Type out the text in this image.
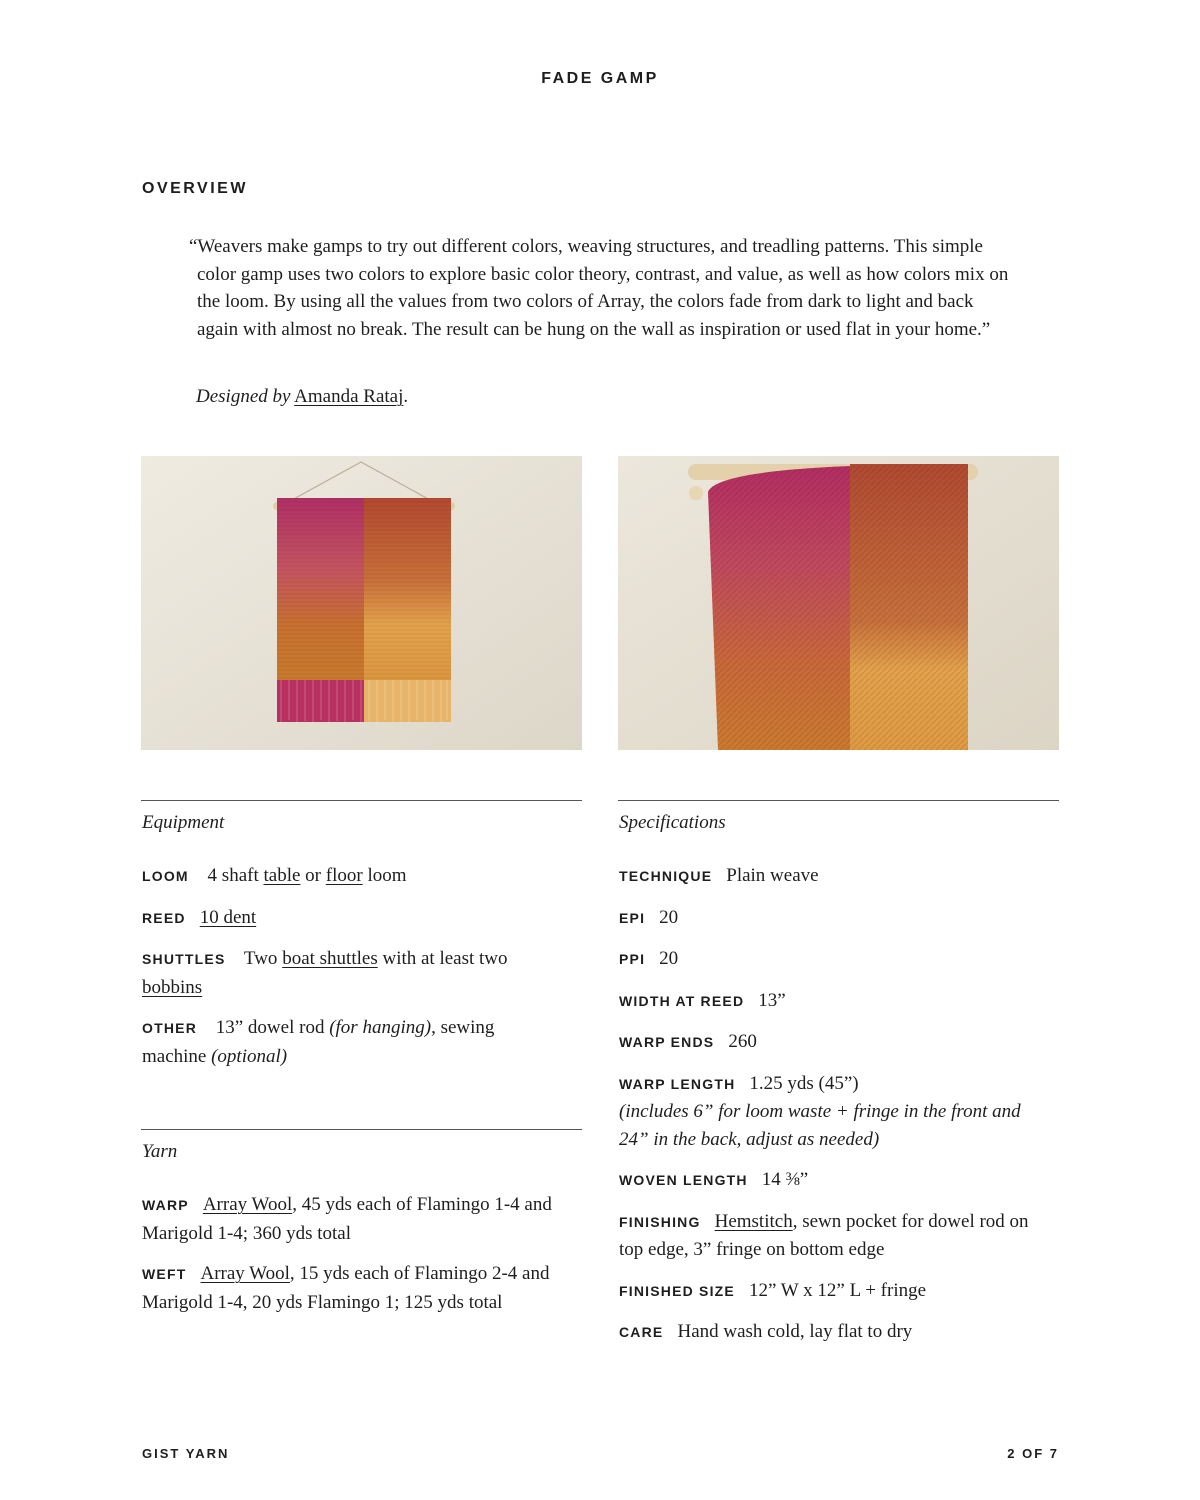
FADE GAMP
OVERVIEW

“Weavers make gamps to try out different colors, weaving structures, and treadling patterns. This simple color gamp uses two colors to explore basic color theory, contrast, and value, as well as how colors mix on the loom. By using all the values from two colors of Array, the colors fade from dark to light and back again with almost no break. The result can be hung on the wall as inspiration or used flat in your home.”

Designed by Amanda Rataj.
Equipment
LOOM 4 shaft table or floor loom
REED 10 dent
SHUTTLES Two boat shuttles with at least two bobbins
OTHER 13” dowel rod (for hanging), sewing machine (optional)
Yarn
WARP Array Wool, 45 yds each of Flamingo 1-4 and Marigold 1-4; 360 yds total
WEFT Array Wool, 15 yds each of Flamingo 2-4 and Marigold 1-4, 20 yds Flamingo 1; 125 yds total
Specifications
TECHNIQUE Plain weave
EPI 20
PPI 20
WIDTH AT REED 13”
WARP ENDS 260
WARP LENGTH 1.25 yds (45”)
(includes 6” for loom waste + fringe in the front and 24” in the back, adjust as needed)
WOVEN LENGTH 14 ⅜”
FINISHING Hemstitch, sewn pocket for dowel rod on top edge, 3” fringe on bottom edge
FINISHED SIZE 12” W x 12” L + fringe
CARE Hand wash cold, lay flat to dry
GIST YARN	2 OF 7
